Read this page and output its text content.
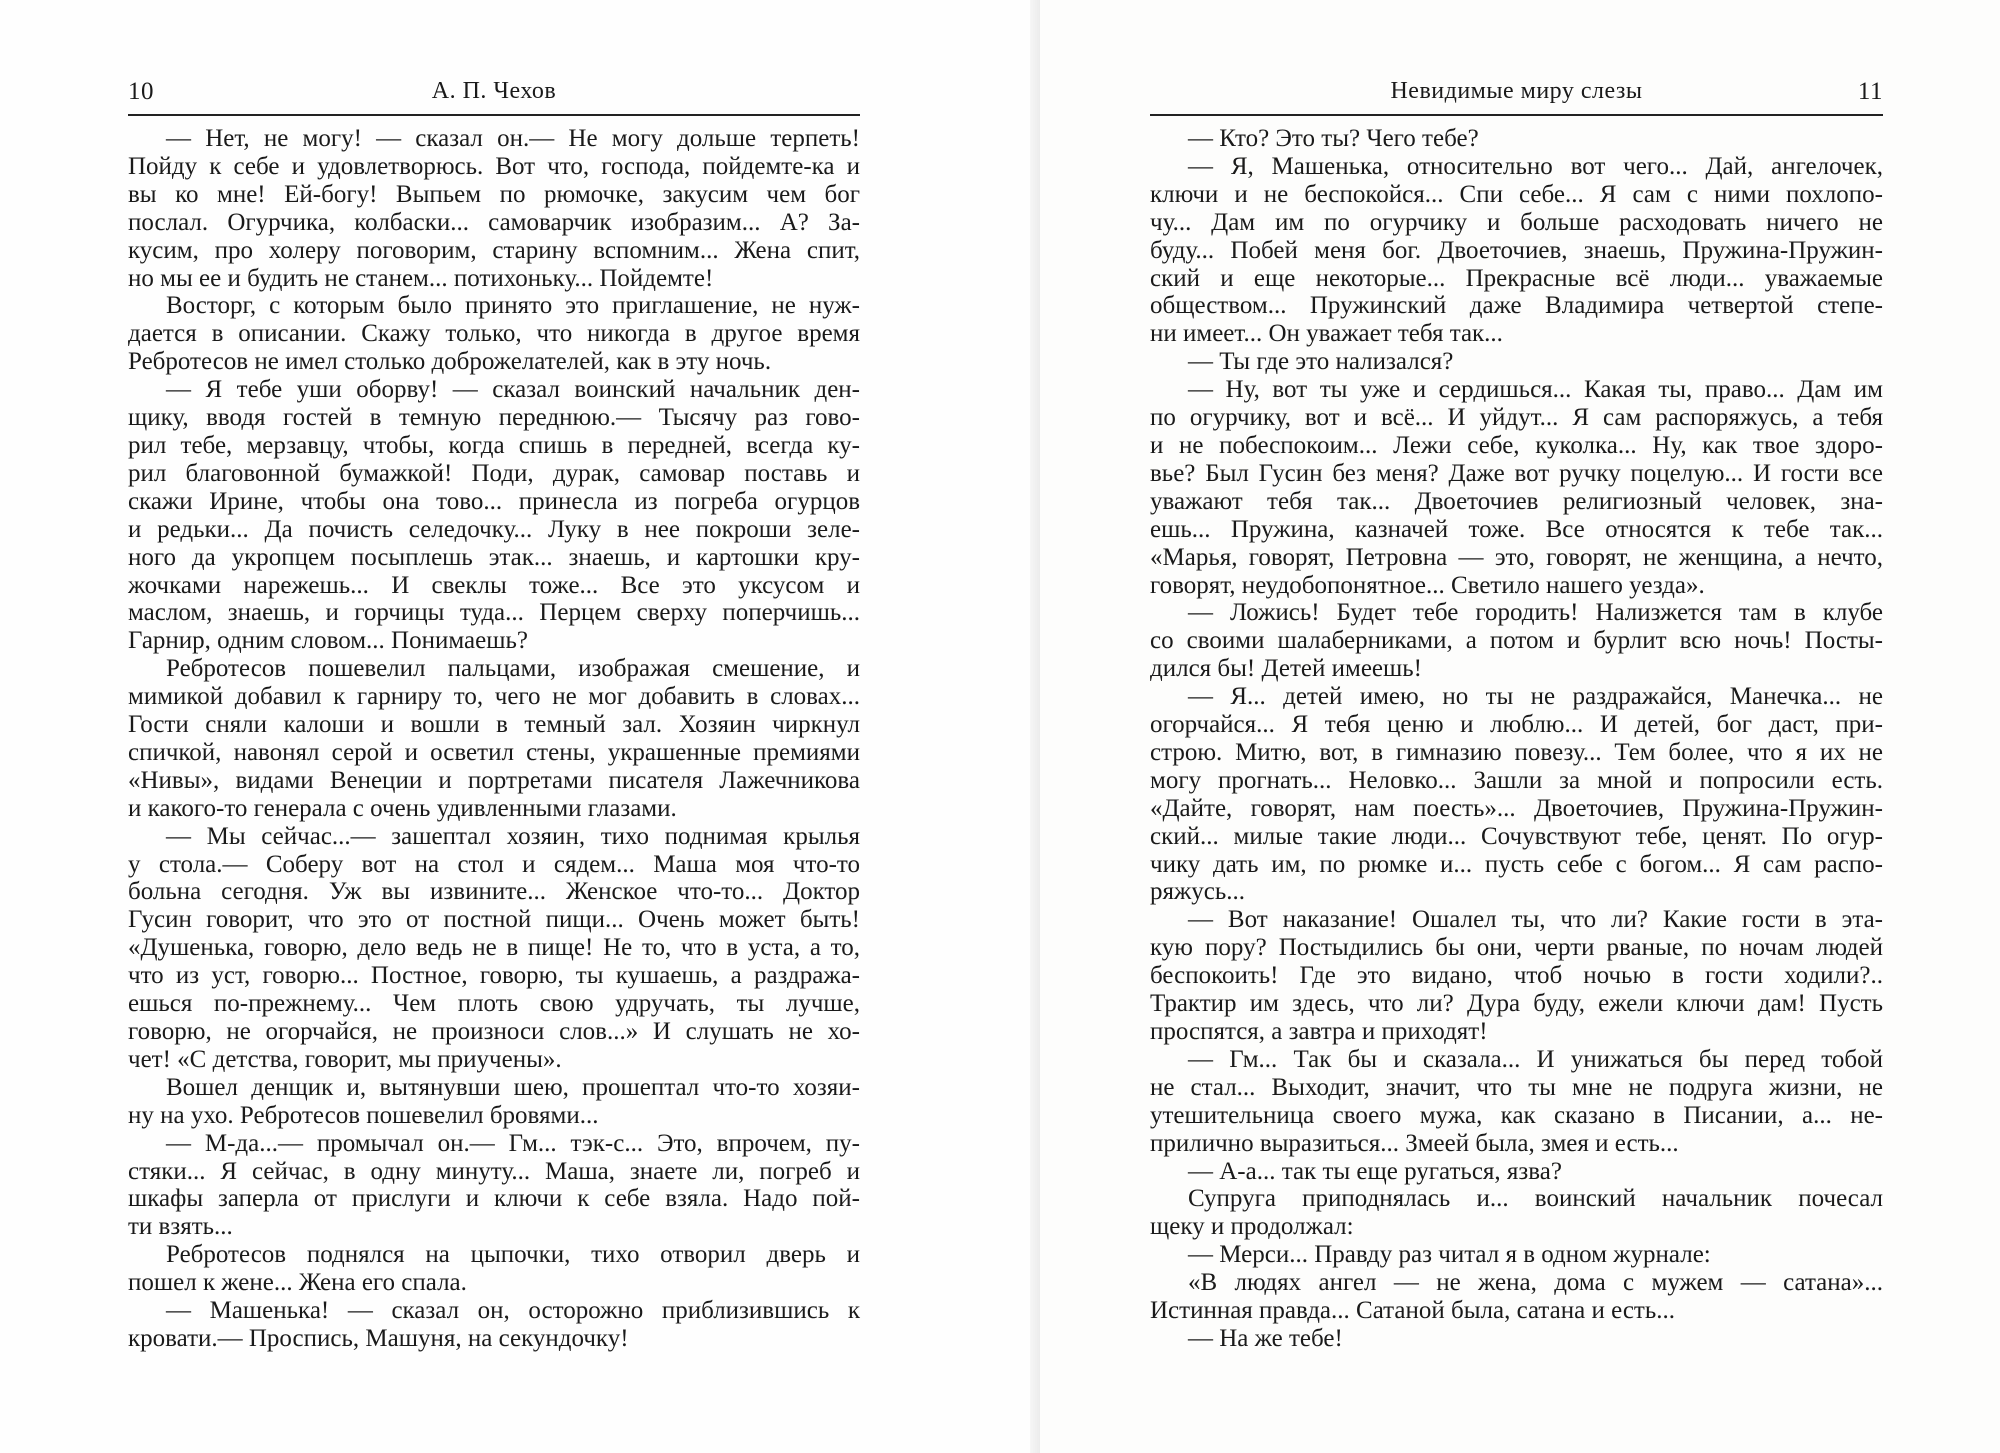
10	А. П. Чехов

— Нет, не могу! — сказал он.— Не могу дольше терпеть!
Пойду к себе и удовлетворюсь. Вот что, господа, пойдемте-ка и
вы ко мне! Ей-богу! Выпьем по рюмочке, закусим чем бог
послал. Огурчика, колбаски... самоварчик изобразим... А? За-
кусим, про холеру поговорим, старину вспомним... Жена спит,
но мы ее и будить не станем... потихоньку... Пойдемте!

Восторг, с которым было принято это приглашение, не нуж-
дается в описании. Скажу только, что никогда в другое время
Ребротесов не имел столько доброжелателей, как в эту ночь.

— Я тебе уши оборву! — сказал воинский начальник ден-
щику, вводя гостей в темную переднюю.— Тысячу раз гово-
рил тебе, мерзавцу, чтобы, когда спишь в передней, всегда ку-
рил благовонной бумажкой! Поди, дурак, самовар поставь и
скажи Ирине, чтобы она тово... принесла из погреба огурцов
и редьки... Да почисть селедочку... Луку в нее покроши зеле-
ного да укропцем посыплешь этак... знаешь, и картошки кру-
жочками нарежешь... И свеклы тоже... Все это уксусом и
маслом, знаешь, и горчицы туда... Перцем сверху поперчишь...
Гарнир, одним словом... Понимаешь?

Ребротесов пошевелил пальцами, изображая смешение, и
мимикой добавил к гарниру то, чего не мог добавить в словах...
Гости сняли калоши и вошли в темный зал. Хозяин чиркнул
спичкой, навонял серой и осветил стены, украшенные премиями
«Нивы», видами Венеции и портретами писателя Лажечникова
и какого-то генерала с очень удивленными глазами.

— Мы сейчас...— зашептал хозяин, тихо поднимая крылья
у стола.— Соберу вот на стол и сядем... Маша моя что-то
больна сегодня. Уж вы извините... Женское что-то... Доктор
Гусин говорит, что это от постной пищи... Очень может быть!
«Душенька, говорю, дело ведь не в пище! Не то, что в уста, а то,
что из уст, говорю... Постное, говорю, ты кушаешь, а раздража-
ешься по-прежнему... Чем плоть свою удручать, ты лучше,
говорю, не огорчайся, не произноси слов...» И слушать не хо-
чет! «С детства, говорит, мы приучены».

Вошел денщик и, вытянувши шею, прошептал что-то хозяи-
ну на ухо. Ребротесов пошевелил бровями...

— М-да...— промычал он.— Гм... тэк-с... Это, впрочем, пу-
стяки... Я сейчас, в одну минуту... Маша, знаете ли, погреб и
шкафы заперла от прислуги и ключи к себе взяла. Надо пой-
ти взять...

Ребротесов поднялся на цыпочки, тихо отворил дверь и
пошел к жене... Жена его спала.

— Машенька! — сказал он, осторожно приблизившись к
кровати.— Проспись, Машуня, на секундочку!

Невидимые миру слезы	11

— Кто? Это ты? Чего тебе?

— Я, Машенька, относительно вот чего... Дай, ангелочек,
ключи и не беспокойся... Спи себе... Я сам с ними похлопо-
чу... Дам им по огурчику и больше расходовать ничего не
буду... Побей меня бог. Двоеточиев, знаешь, Пружина-Пружин-
ский и еще некоторые... Прекрасные всё люди... уважаемые
обществом... Пружинский даже Владимира четвертой степе-
ни имеет... Он уважает тебя так...

— Ты где это нализался?

— Ну, вот ты уже и сердишься... Какая ты, право... Дам им
по огурчику, вот и всё... И уйдут... Я сам распоряжусь, а тебя
и не побеспокоим... Лежи себе, куколка... Ну, как твое здоро-
вье? Был Гусин без меня? Даже вот ручку поцелую... И гости все
уважают тебя так... Двоеточиев религиозный человек, зна-
ешь... Пружина, казначей тоже. Все относятся к тебе так...
«Марья, говорят, Петровна — это, говорят, не женщина, а нечто,
говорят, неудобопонятное... Светило нашего уезда».

— Ложись! Будет тебе городить! Нализжется там в клубе
со своими шалаберниками, а потом и бурлит всю ночь! Посты-
дился бы! Детей имеешь!

— Я... детей имею, но ты не раздражайся, Манечка... не
огорчайся... Я тебя ценю и люблю... И детей, бог даст, при-
строю. Митю, вот, в гимназию повезу... Тем более, что я их не
могу прогнать... Неловко... Зашли за мной и попросили есть.
«Дайте, говорят, нам поесть»... Двоеточиев, Пружина-Пружин-
ский... милые такие люди... Сочувствуют тебе, ценят. По огур-
чику дать им, по рюмке и... пусть себе с богом... Я сам распо-
ряжусь...

— Вот наказание! Ошалел ты, что ли? Какие гости в эта-
кую пору? Постыдились бы они, черти рваные, по ночам людей
беспокоить! Где это видано, чтоб ночью в гости ходили?..
Трактир им здесь, что ли? Дура буду, ежели ключи дам! Пусть
проспятся, а завтра и приходят!

— Гм... Так бы и сказала... И унижаться бы перед тобой
не стал... Выходит, значит, что ты мне не подруга жизни, не
утешительница своего мужа, как сказано в Писании, а... не-
прилично выразиться... Змеей была, змея и есть...

— А-а... так ты еще ругаться, язва?

Супруга приподнялась и... воинский начальник почесал
щеку и продолжал:

— Мерси... Правду раз читал я в одном журнале:

«В людях ангел — не жена, дома с мужем — сатана»...
Истинная правда... Сатаной была, сатана и есть...

— На же тебе!
